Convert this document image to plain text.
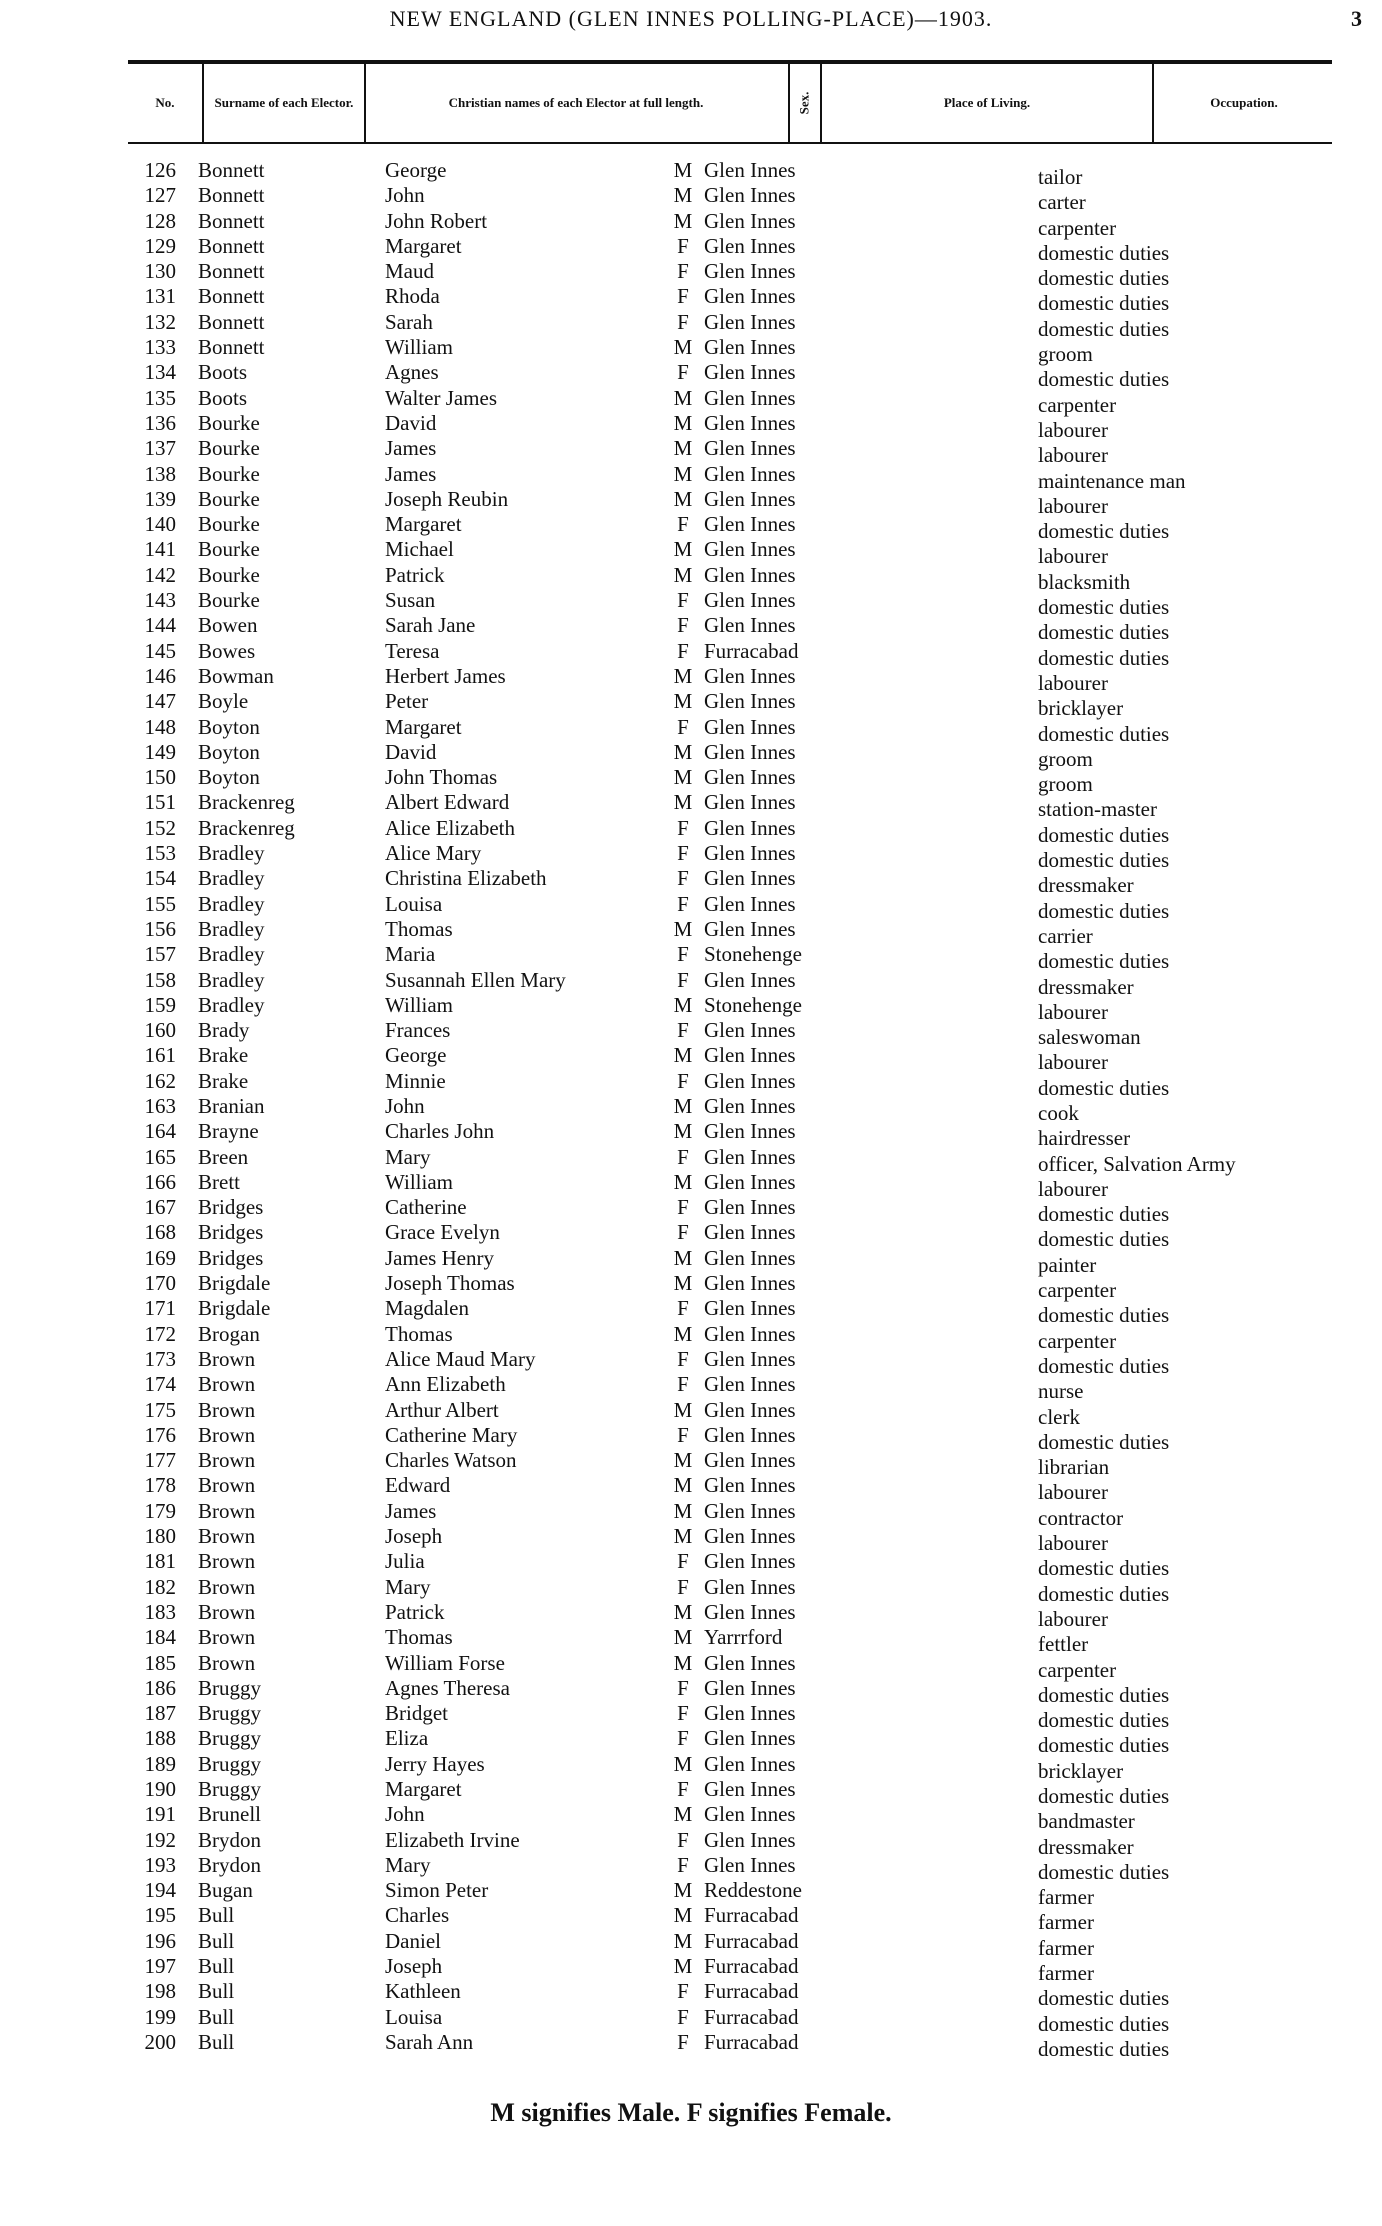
NEW ENGLAND (GLEN INNES POLLING-PLACE)—1903.	3
No.	Surname of each Elector.	Christian names of each Elector at full length.	Sex.	Place of Living.	Occupation.
126 Bonnett	George	M Glen Innes	tailor
127 Bonnett	John	M Glen Innes	carter
128 Bonnett	John Robert	M Glen Innes	carpenter
129 Bonnett	Margaret	F Glen Innes	domestic duties
130 Bonnett	Maud	F Glen Innes	domestic duties
131 Bonnett	Rhoda	F Glen Innes	domestic duties
132 Bonnett	Sarah	F Glen Innes	domestic duties
133 Bonnett	William	M Glen Innes	groom
134 Boots	Agnes	F Glen Innes	domestic duties
135 Boots	Walter James	M Glen Innes	carpenter
136 Bourke	David	M Glen Innes	labourer
137 Bourke	James	M Glen Innes	labourer
138 Bourke	James	M Glen Innes	maintenance man
139 Bourke	Joseph Reubin	M Glen Innes	labourer
140 Bourke	Margaret	F Glen Innes	domestic duties
141 Bourke	Michael	M Glen Innes	labourer
142 Bourke	Patrick	M Glen Innes	blacksmith
143 Bourke	Susan	F Glen Innes	domestic duties
144 Bowen	Sarah Jane	F Glen Innes	domestic duties
145 Bowes	Teresa	F Furracabad	domestic duties
146 Bowman	Herbert James	M Glen Innes	labourer
147 Boyle	Peter	M Glen Innes	bricklayer
148 Boyton	Margaret	F Glen Innes	domestic duties
149 Boyton	David	M Glen Innes	groom
150 Boyton	John Thomas	M Glen Innes	groom
151 Brackenreg	Albert Edward	M Glen Innes	station-master
152 Brackenreg	Alice Elizabeth	F Glen Innes	domestic duties
153 Bradley	Alice Mary	F Glen Innes	domestic duties
154 Bradley	Christina Elizabeth	F Glen Innes	dressmaker
155 Bradley	Louisa	F Glen Innes	domestic duties
156 Bradley	Thomas	M Glen Innes	carrier
157 Bradley	Maria	F Stonehenge	domestic duties
158 Bradley	Susannah Ellen Mary	F Glen Innes	dressmaker
159 Bradley	William	M Stonehenge	labourer
160 Brady	Frances	F Glen Innes	saleswoman
161 Brake	George	M Glen Innes	labourer
162 Brake	Minnie	F Glen Innes	domestic duties
163 Branian	John	M Glen Innes	cook
164 Brayne	Charles John	M Glen Innes	hairdresser
165 Breen	Mary	F Glen Innes	officer, Salvation Army
166 Brett	William	M Glen Innes	labourer
167 Bridges	Catherine	F Glen Innes	domestic duties
168 Bridges	Grace Evelyn	F Glen Innes	domestic duties
169 Bridges	James Henry	M Glen Innes	painter
170 Brigdale	Joseph Thomas	M Glen Innes	carpenter
171 Brigdale	Magdalen	F Glen Innes	domestic duties
172 Brogan	Thomas	M Glen Innes	carpenter
173 Brown	Alice Maud Mary	F Glen Innes	domestic duties
174 Brown	Ann Elizabeth	F Glen Innes	nurse
175 Brown	Arthur Albert	M Glen Innes	clerk
176 Brown	Catherine Mary	F Glen Innes	domestic duties
177 Brown	Charles Watson	M Glen Innes	librarian
178 Brown	Edward	M Glen Innes	labourer
179 Brown	James	M Glen Innes	contractor
180 Brown	Joseph	M Glen Innes	labourer
181 Brown	Julia	F Glen Innes	domestic duties
182 Brown	Mary	F Glen Innes	domestic duties
183 Brown	Patrick	M Glen Innes	labourer
184 Brown	Thomas	M Yarrrford	fettler
185 Brown	William Forse	M Glen Innes	carpenter
186 Bruggy	Agnes Theresa	F Glen Innes	domestic duties
187 Bruggy	Bridget	F Glen Innes	domestic duties
188 Bruggy	Eliza	F Glen Innes	domestic duties
189 Bruggy	Jerry Hayes	M Glen Innes	bricklayer
190 Bruggy	Margaret	F Glen Innes	domestic duties
191 Brunell	John	M Glen Innes	bandmaster
192 Brydon	Elizabeth Irvine	F Glen Innes	dressmaker
193 Brydon	Mary	F Glen Innes	domestic duties
194 Bugan	Simon Peter	M Reddestone	farmer
195 Bull	Charles	M Furracabad	farmer
196 Bull	Daniel	M Furracabad	farmer
197 Bull	Joseph	M Furracabad	farmer
198 Bull	Kathleen	F Furracabad	domestic duties
199 Bull	Louisa	F Furracabad	domestic duties
200 Bull	Sarah Ann	F Furracabad	domestic duties
M signifies Male. F signifies Female.
